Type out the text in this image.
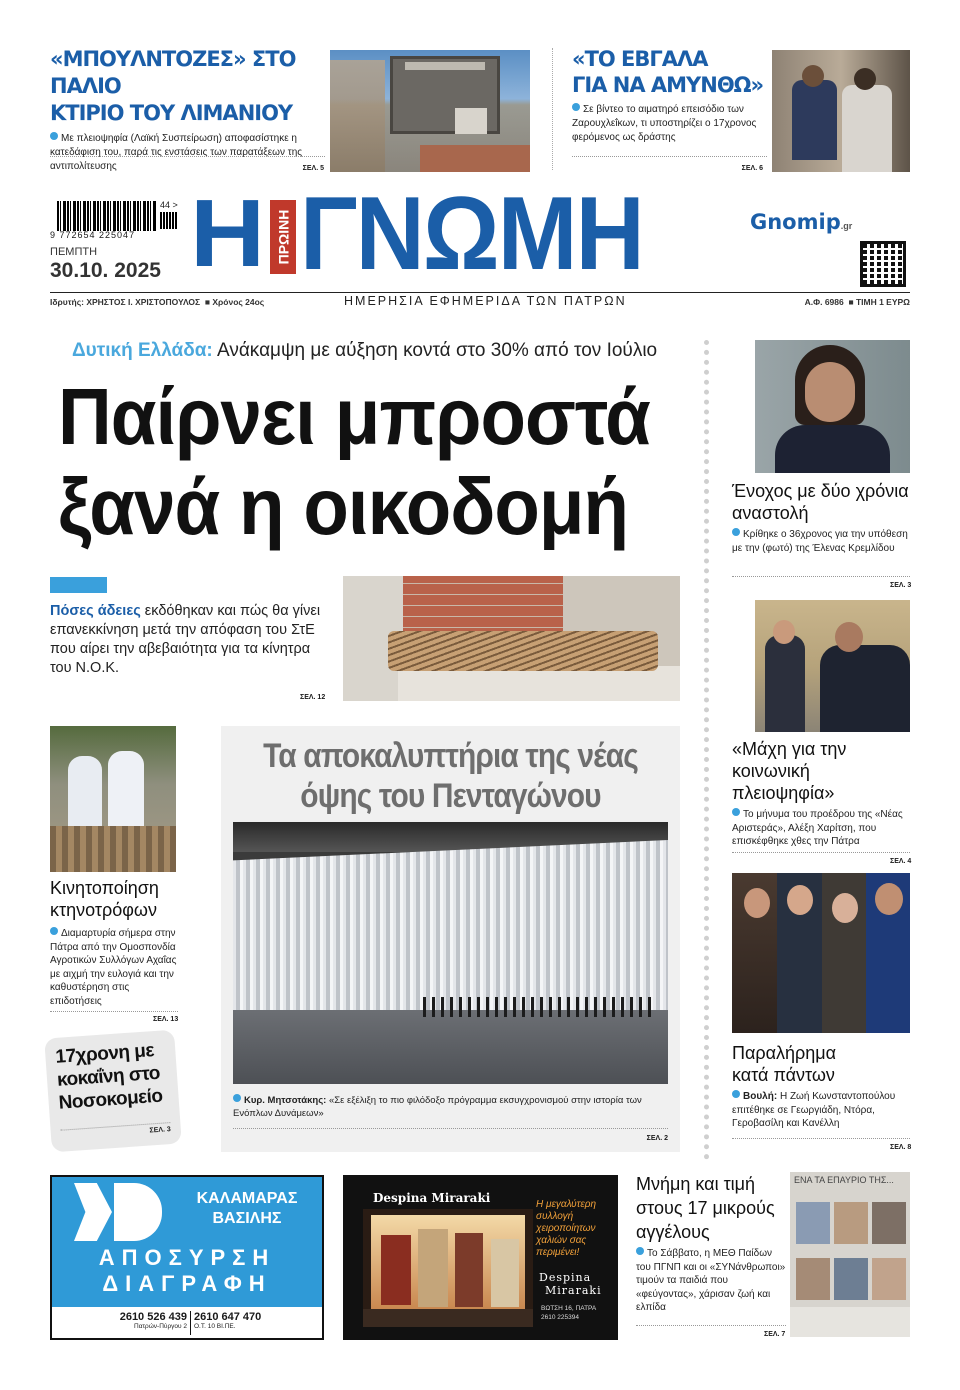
«ΜΠΟΥΛΝΤΟΖΕΣ» ΣΤΟ ΠΑΛΙΟ
ΚΤΙΡΙΟ ΤΟΥ ΛΙΜΑΝΙΟΥ
Με πλειοψηφία (Λαϊκή Συσπείρωση) αποφασίστηκε η κατεδάφιση του, παρά τις ενστάσεις των παρατάξεων της αντιπολίτευσης	ΣΕΛ. 5
«ΤΟ ΕΒΓΑΛΑ
ΓΙΑ ΝΑ ΑΜΥΝΘΩ»
Σε βίντεο το αιματηρό επεισόδιο των Ζαρουχλεΐκων, τι υποστηρίζει ο 17χρονος φερόμενος ως δράστης
ΣΕΛ. 6
9 772654 225047
44 >
ΠΕΜΠΤΗ
30.10. 2025 Η ΠΡΩΙΝΗ ΓΝΩΜΗ	Gnomip.gr
Ιδρυτής: ΧΡΗΣΤΟΣ Ι. ΧΡΙΣΤΟΠΟΥΛΟΣ  ■ Χρόνος 24ος	ΗΜΕΡΗΣΙΑ ΕΦΗΜΕΡΙΔΑ ΤΩΝ ΠΑΤΡΩΝ	Α.Φ. 6986  ■ ΤΙΜΗ 1 ΕΥΡΩ
Δυτική Ελλάδα: Ανάκαμψη με αύξηση κοντά στο 30% από τον Ιούλιο
Παίρνει μπροστά
ξανά η οικοδομή
Πόσες άδειες εκδόθηκαν και πώς θα γίνει επανεκκίνηση μετά την απόφαση του ΣτΕ που αίρει την αβεβαιότητα για τα κίνητρα του Ν.Ο.Κ.
ΣΕΛ. 12
Κινητοποίηση
κτηνοτρόφων
Διαμαρτυρία σήμερα στην Πάτρα από την Ομοσπονδία Αγροτικών Συλλόγων Αχαΐας με αιχμή την ευλογιά και την καθυστέρηση στις επιδοτήσεις
ΣΕΛ. 13
17χρονη με
κοκαΐνη στο
Νοσοκομείο
ΣΕΛ. 3
Τα αποκαλυπτήρια της νέας
όψης του Πενταγώνου
Κυρ. Μητσοτάκης: «Σε εξέλιξη το πιο φιλόδοξο πρόγραμμα εκσυγχρονισμού στην ιστορία των Ενόπλων Δυνάμεων»
ΣΕΛ. 2
Ένοχος με δύο χρόνια αναστολή
Κρίθηκε ο 36χρονος για την υπόθεση με την (φωτό) της Έλενας Κρεμλίδου
ΣΕΛ. 3
«Μάχη για την κοινωνική πλειοψηφία»
Το μήνυμα του προέδρου της «Νέας Αριστεράς», Αλέξη Χαρίτση, που επισκέφθηκε χθες την Πάτρα
ΣΕΛ. 4
Παραλήρημα κατά πάντων
Βουλή: Η Ζωή Κωνσταντοπούλου επιτέθηκε σε Γεωργιάδη, Ντόρα, Γεροβασίλη και Κανέλλη
ΣΕΛ. 8
ΚΑΛΑΜΑΡΑΣ
ΒΑΣΙΛΗΣ
ΑΠΟΣΥΡΣΗ
ΔΙΑΓΡΑΦΗ
2610 526 439
Πατρών-Πύργου 2
2610 647 470
Ο.Τ. 10 ΒΙ.ΠΕ.
Despina Miraraki	Η μεγαλύτερη συλλογή χειροποίητων χαλιών σας περιμένει!
Despina
Miraraki
ΒΩΤΣΗ 16, ΠΑΤΡΑ
2610 225394
Μνήμη και τιμή στους 17 μικρούς αγγέλους
Το Σάββατο, η ΜΕΘ Παίδων του ΠΓΝΠ και οι «ΣΥΝάνθρωποι» τιμούν τα παιδιά που «φεύγοντας», χάρισαν ζωή και ελπίδα
ΣΕΛ. 7
ΕΝΑ ΤΑ ΕΠΑΥΡΙΟ ΤΗΣ...
